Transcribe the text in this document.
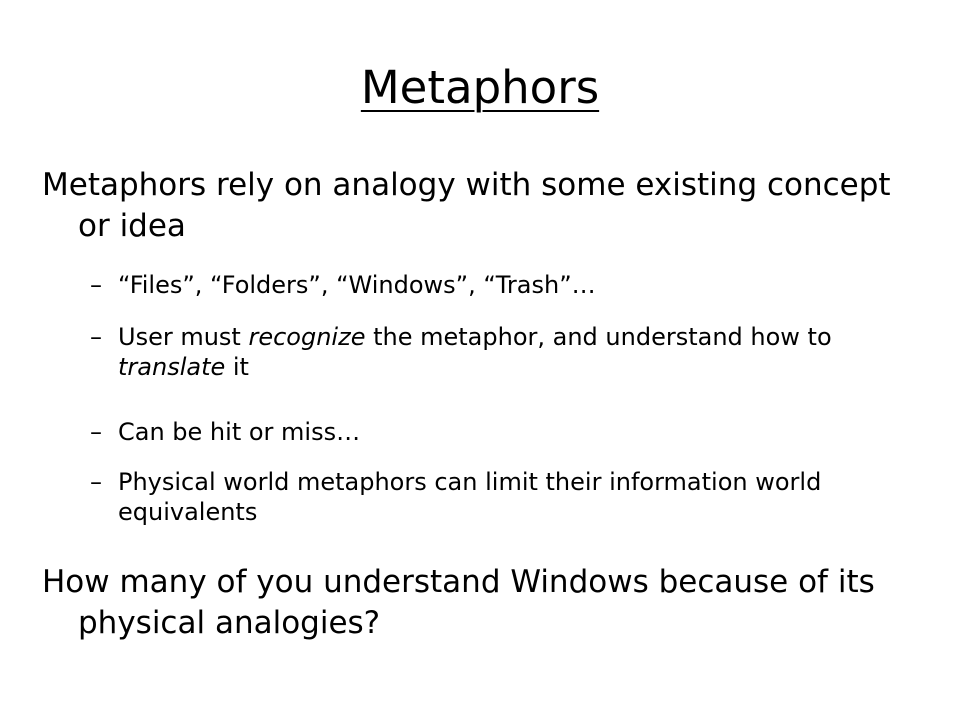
Metaphors

Metaphors rely on analogy with some existing concept or idea

– “Files”, “Folders”, “Windows”, “Trash”…
– User must recognize the metaphor, and understand how to translate it
– Can be hit or miss…
– Physical world metaphors can limit their information world equivalents

How many of you understand Windows because of its physical analogies?
